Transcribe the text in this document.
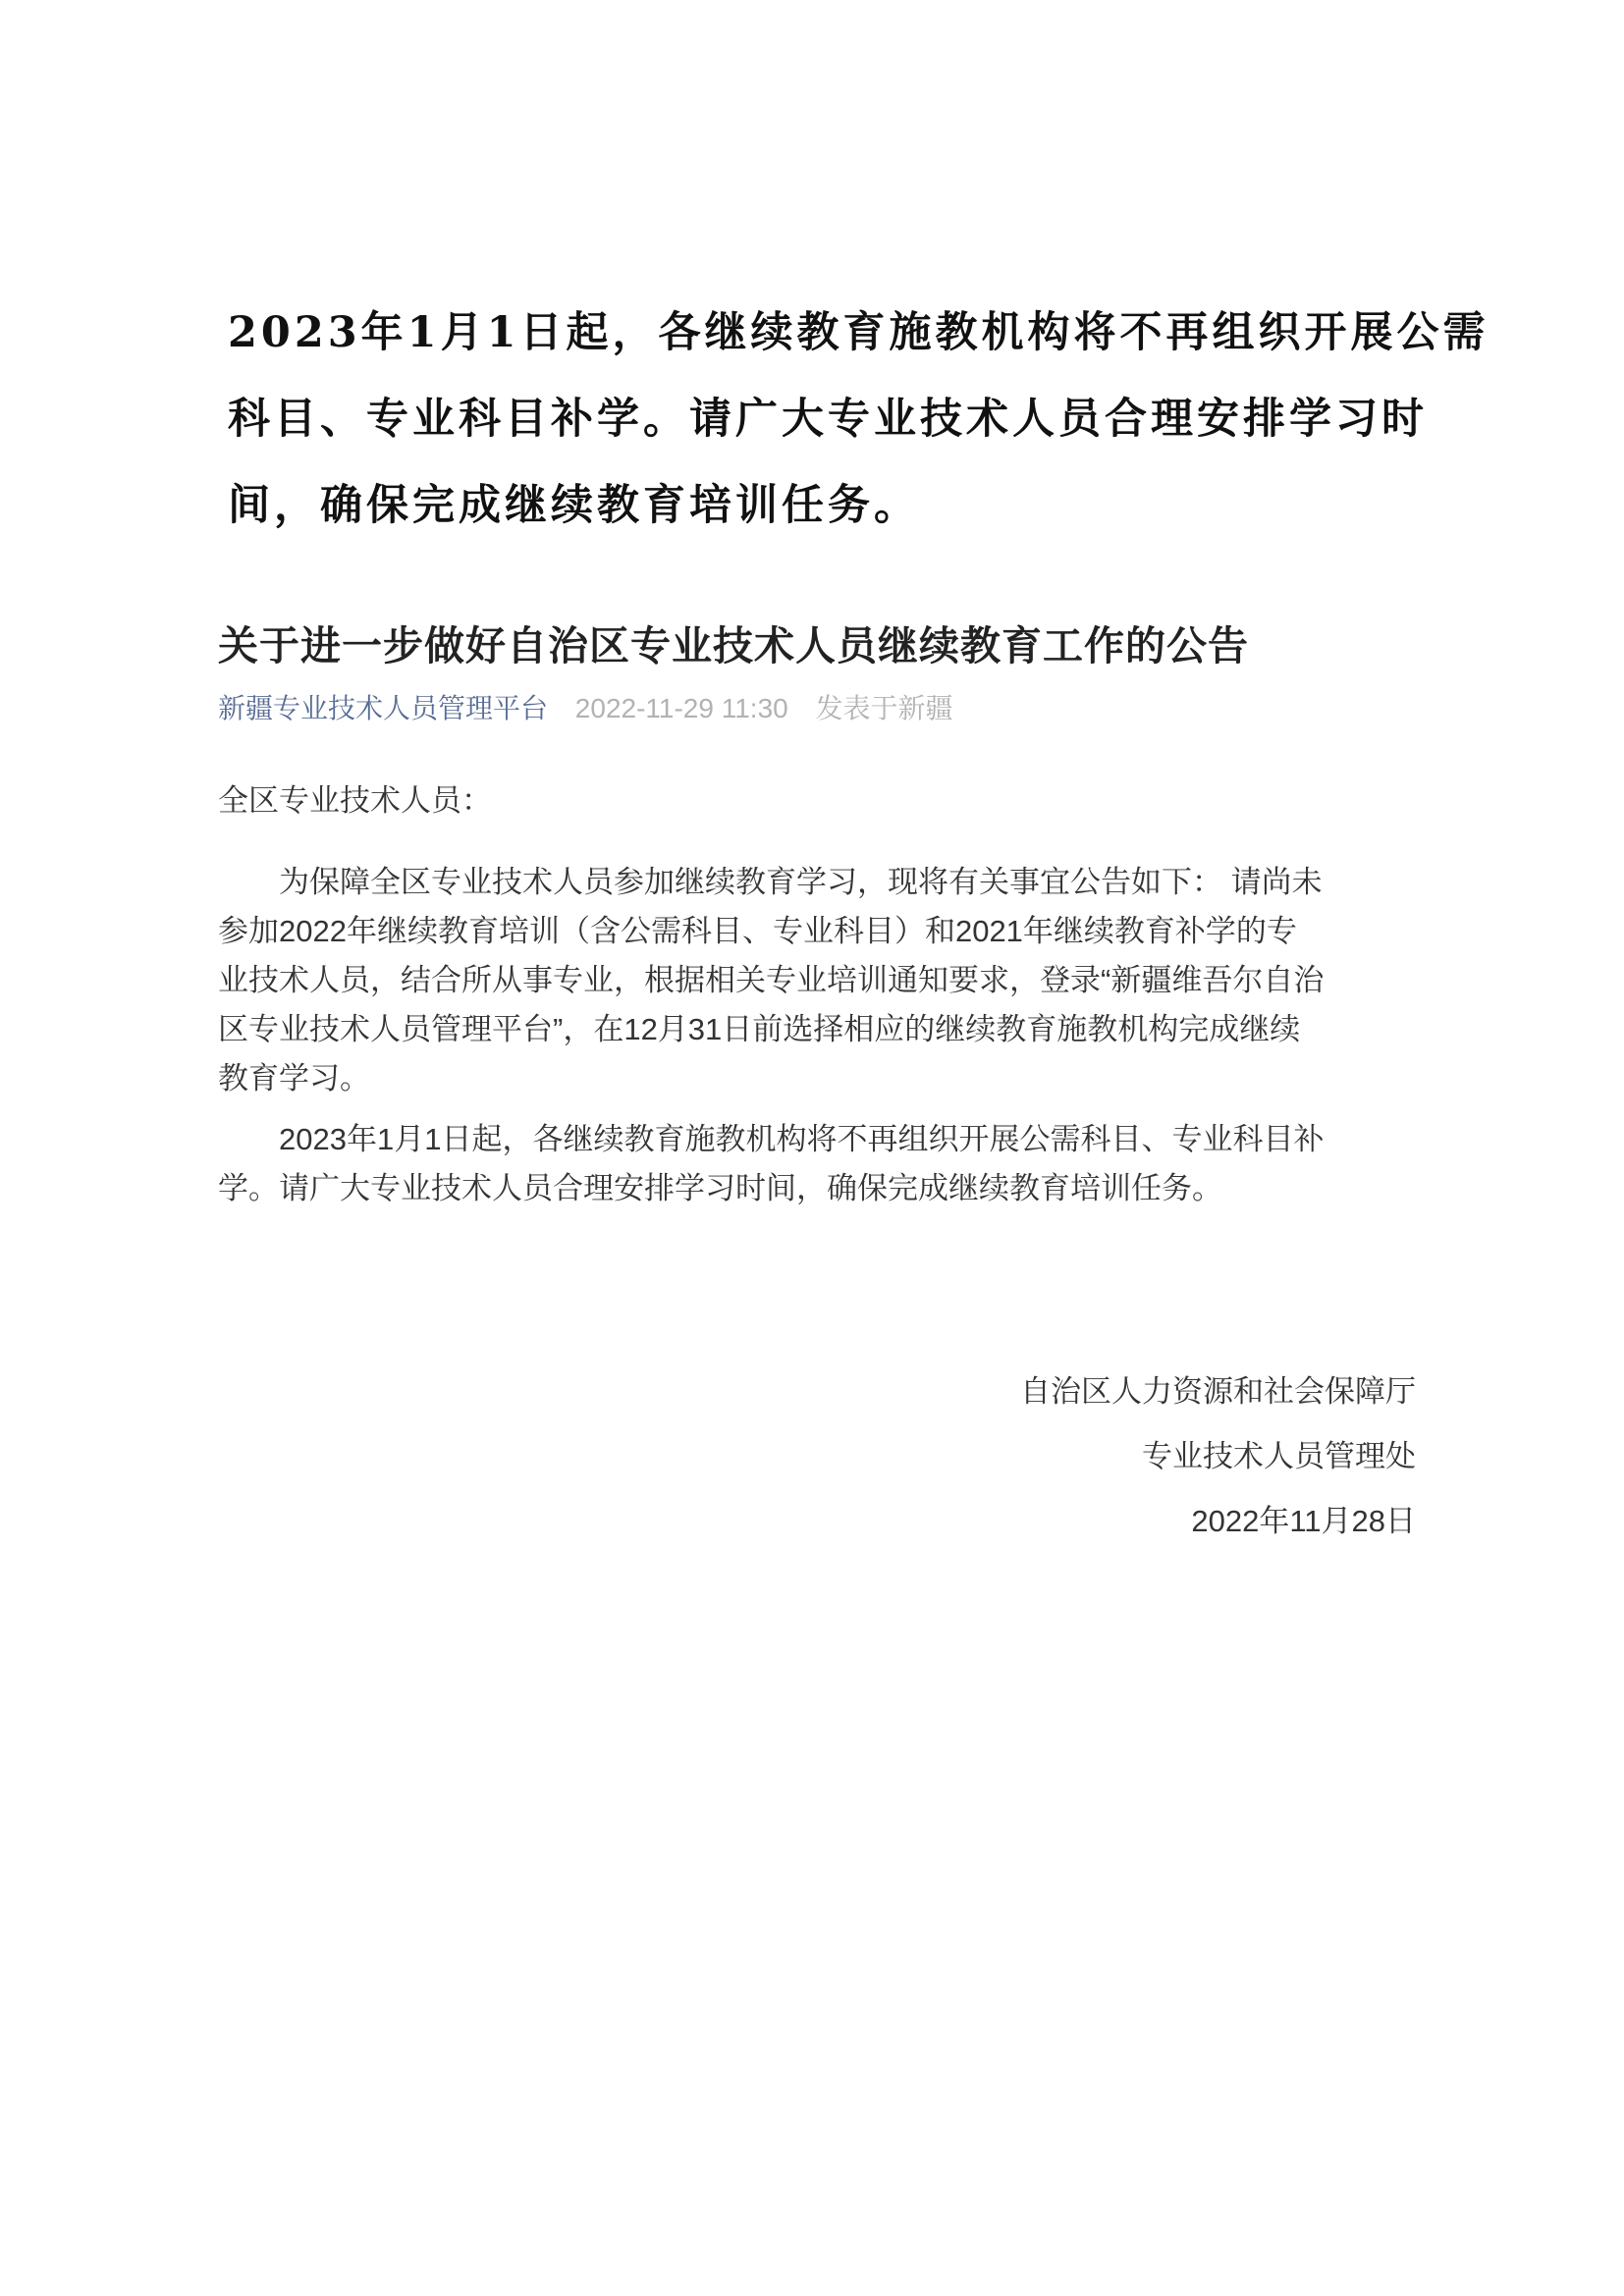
2023年1月1日起，各继续教育施教机构将不再组织开展公需
科目、专业科目补学。请广大专业技术人员合理安排学习时
间，确保完成继续教育培训任务。
关于进一步做好自治区专业技术人员继续教育工作的公告
新疆专业技术人员管理平台 2022-11-29 11:30 发表于新疆
全区专业技术人员：
为保障全区专业技术人员参加继续教育学习，现将有关事宜公告如下： 请尚未
参加2022年继续教育培训（含公需科目、专业科目）和2021年继续教育补学的专
业技术人员，结合所从事专业，根据相关专业培训通知要求，登录“新疆维吾尔自治
区专业技术人员管理平台”，在12月31日前选择相应的继续教育施教机构完成继续
教育学习。
2023年1月1日起，各继续教育施教机构将不再组织开展公需科目、专业科目补
学。请广大专业技术人员合理安排学习时间，确保完成继续教育培训任务。
自治区人力资源和社会保障厅
专业技术人员管理处
2022年11月28日
